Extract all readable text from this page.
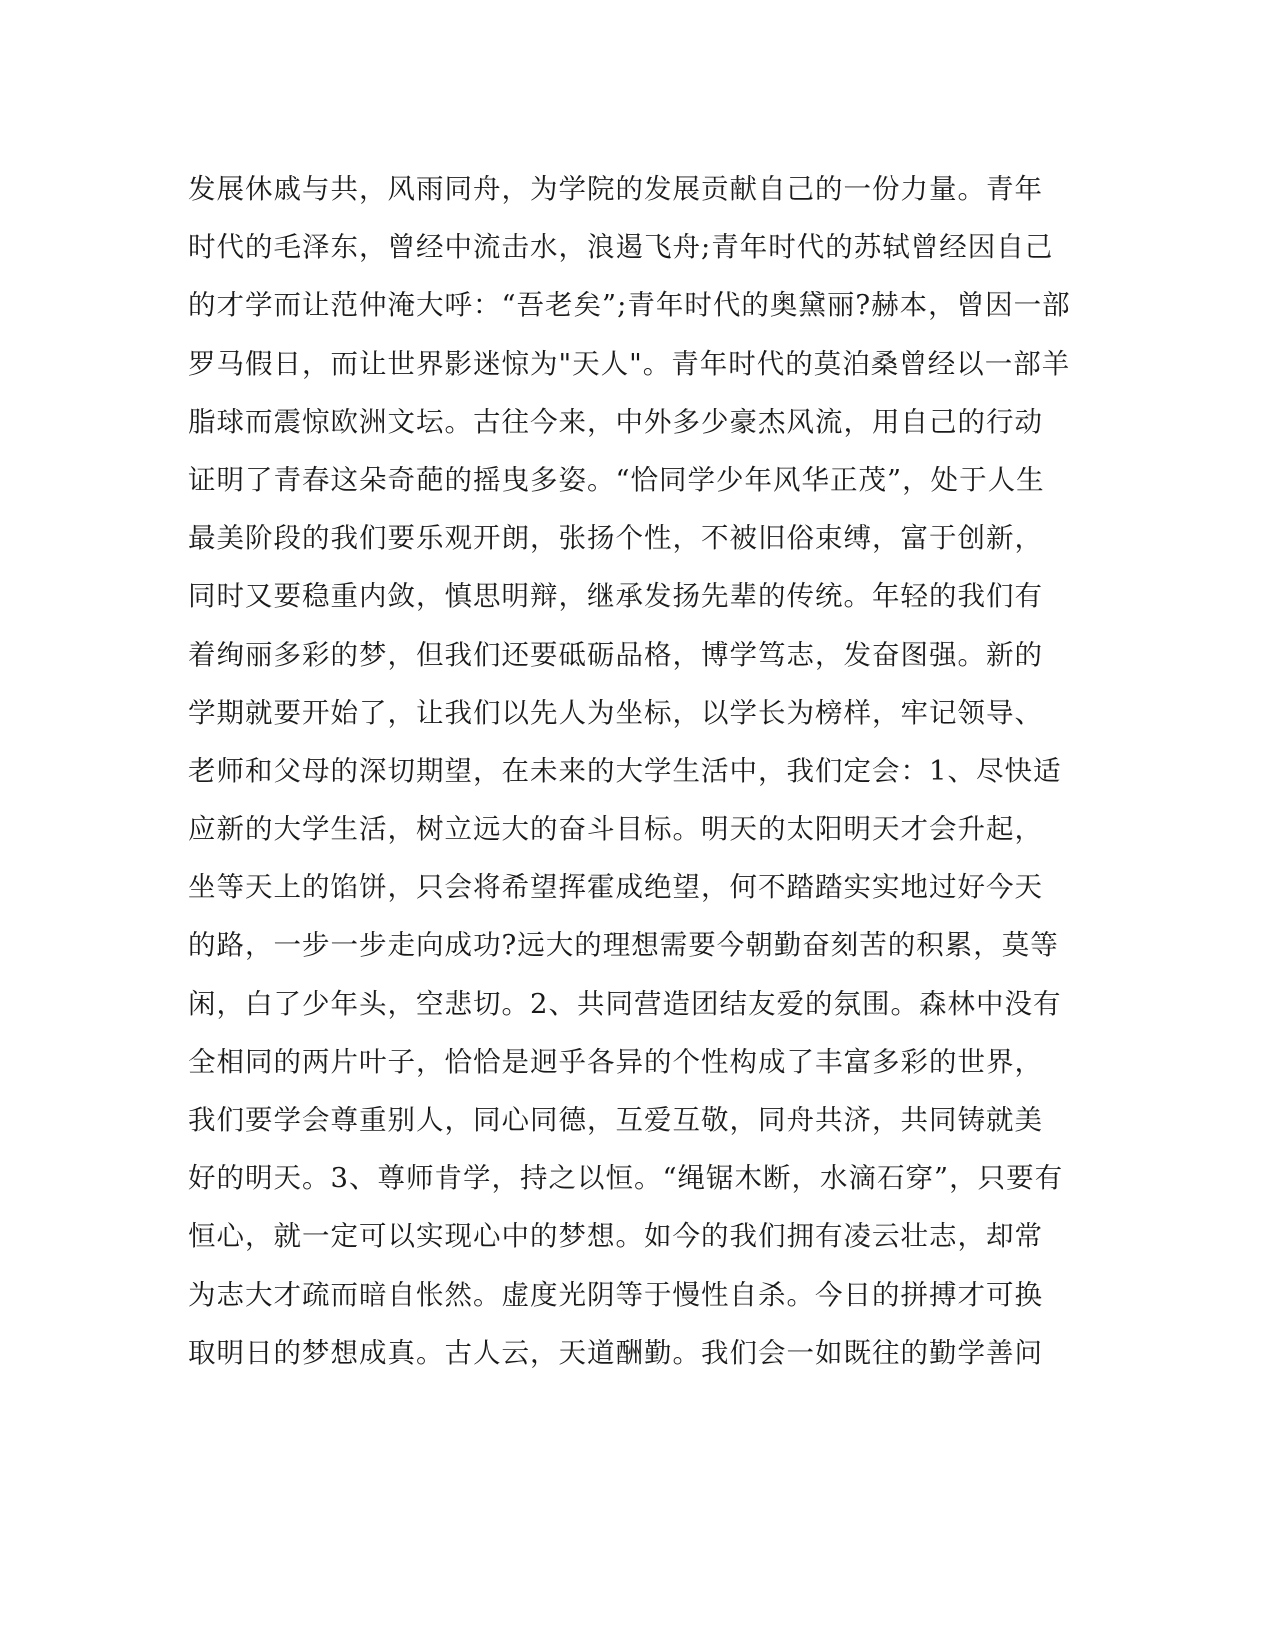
发展休戚与共，风雨同舟，为学院的发展贡献自己的一份力量。青年
时代的毛泽东，曾经中流击水，浪遏飞舟;青年时代的苏轼曾经因自己
的才学而让范仲淹大呼：“吾老矣”;青年时代的奥黛丽?赫本，曾因一部
罗马假日，而让世界影迷惊为"天人"。青年时代的莫泊桑曾经以一部羊
脂球而震惊欧洲文坛。古往今来，中外多少豪杰风流，用自己的行动
证明了青春这朵奇葩的摇曳多姿。“恰同学少年风华正茂”，处于人生
最美阶段的我们要乐观开朗，张扬个性，不被旧俗束缚，富于创新，
同时又要稳重内敛，慎思明辩，继承发扬先辈的传统。年轻的我们有
着绚丽多彩的梦，但我们还要砥砺品格，博学笃志，发奋图强。新的
学期就要开始了，让我们以先人为坐标，以学长为榜样，牢记领导、
老师和父母的深切期望，在未来的大学生活中，我们定会：1、尽快适
应新的大学生活，树立远大的奋斗目标。明天的太阳明天才会升起，
坐等天上的馅饼，只会将希望挥霍成绝望，何不踏踏实实地过好今天
的路，一步一步走向成功?远大的理想需要今朝勤奋刻苦的积累，莫等
闲，白了少年头，空悲切。2、共同营造团结友爱的氛围。森林中没有
全相同的两片叶子，恰恰是迥乎各异的个性构成了丰富多彩的世界，
我们要学会尊重别人，同心同德，互爱互敬，同舟共济，共同铸就美
好的明天。3、尊师肯学，持之以恒。“绳锯木断，水滴石穿”，只要有
恒心，就一定可以实现心中的梦想。如今的我们拥有凌云壮志，却常
为志大才疏而暗自怅然。虚度光阴等于慢性自杀。今日的拼搏才可换
取明日的梦想成真。古人云，天道酬勤。我们会一如既往的勤学善问
